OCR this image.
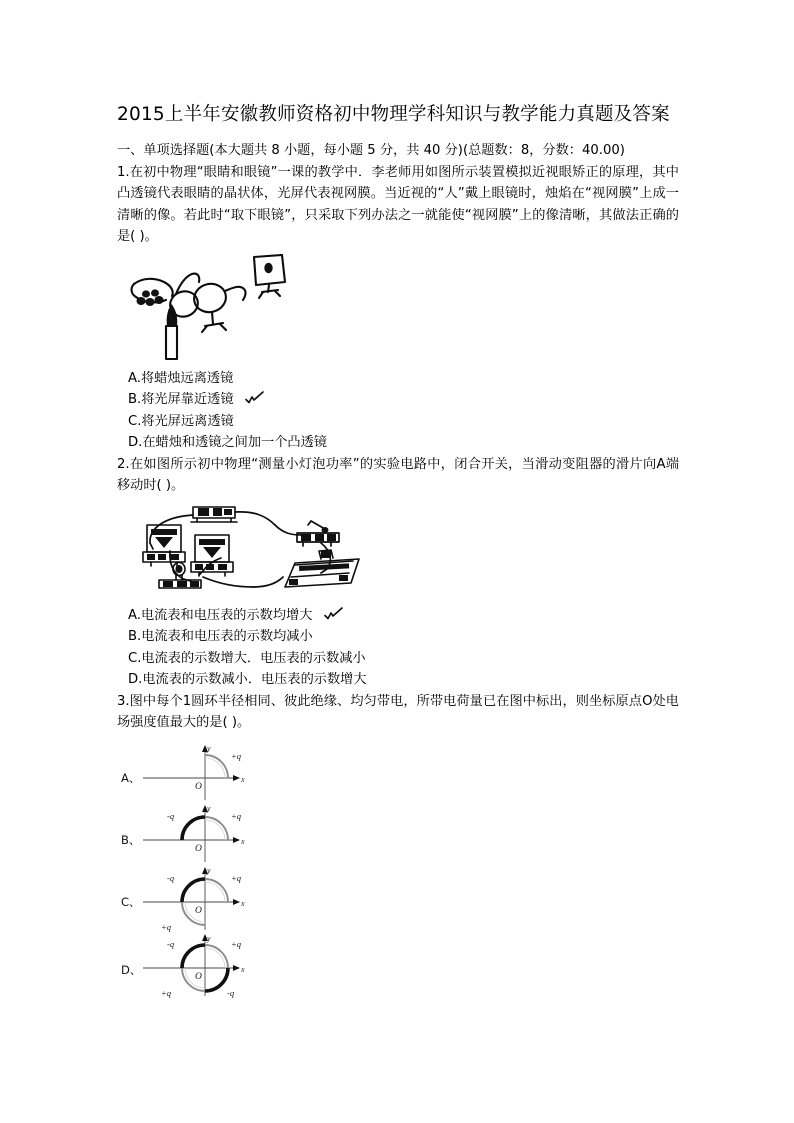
2015上半年安徽教师资格初中物理学科知识与教学能力真题及答案
一、单项选择题(本大题共 8 小题，每小题 5 分，共 40 分)(总题数：8，分数：40.00)
1.在初中物理“眼睛和眼镜”一课的教学中．李老师用如图所示装置模拟近视眼矫正的原理，其中凸透镜代表眼睛的晶状体，光屏代表视网膜。当近视的“人”戴上眼镜时，烛焰在“视网膜”上成一清晰的像。若此时“取下眼镜”，只采取下列办法之一就能使“视网膜”上的像清晰，其做法正确的是( )。
A.将蜡烛远离透镜
B.将光屏靠近透镜
C.将光屏远离透镜
D.在蜡烛和透镜之间加一个凸透镜
2.在如图所示初中物理“测量小灯泡功率”的实验电路中，闭合开关，当滑动变阻器的滑片向A端移动时( )。
A.电流表和电压表的示数均增大
B.电流表和电压表的示数均减小
C.电流表的示数增大．电压表的示数减小
D.电流表的示数减小．电压表的示数增大
3.图中每个1圆环半径相同、彼此绝缘、均匀带电，所带电荷量已在图中标出，则坐标原点O处电场强度值最大的是( )。
A、
y
x
O
+q
B、
y
x
O
-q	+q
C、
y
x
O
-q	+q
+q
D、
y
x
O
-q	+q
+q	-q
